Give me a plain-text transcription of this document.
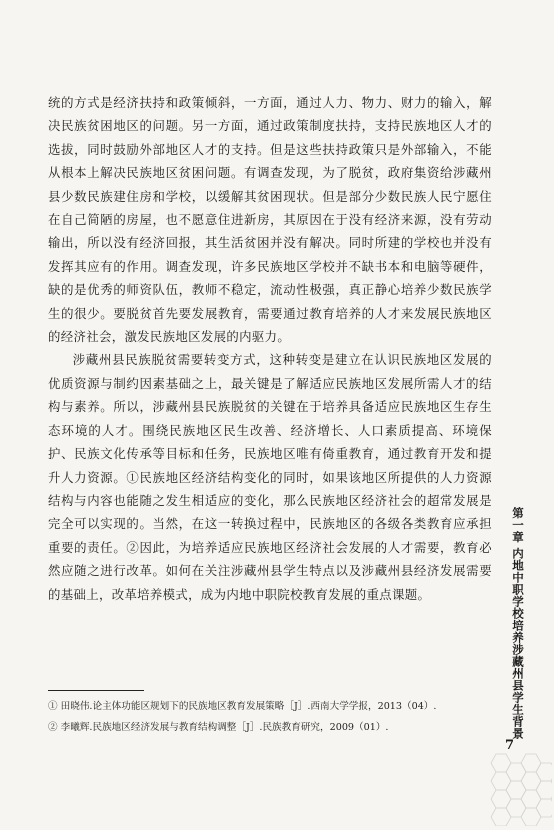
统的方式是经济扶持和政策倾斜，一方面，通过人力、物力、财力的输入，解决民族贫困地区的问题。另一方面，通过政策制度扶持，支持民族地区人才的选拔，同时鼓励外部地区人才的支持。但是这些扶持政策只是外部输入，不能从根本上解决民族地区贫困问题。有调查发现，为了脱贫，政府集资给涉藏州县少数民族建住房和学校，以缓解其贫困现状。但是部分少数民族人民宁愿住在自己简陋的房屋，也不愿意住进新房，其原因在于没有经济来源，没有劳动输出，所以没有经济回报，其生活贫困并没有解决。同时所建的学校也并没有发挥其应有的作用。调查发现，许多民族地区学校并不缺书本和电脑等硬件，缺的是优秀的师资队伍，教师不稳定，流动性极强，真正静心培养少数民族学生的很少。要脱贫首先要发展教育，需要通过教育培养的人才来发展民族地区的经济社会，激发民族地区发展的内驱力。

涉藏州县民族脱贫需要转变方式，这种转变是建立在认识民族地区发展的优质资源与制约因素基础之上，最关键是了解适应民族地区发展所需人才的结构与素养。所以，涉藏州县民族脱贫的关键在于培养具备适应民族地区生存生态环境的人才。围绕民族地区民生改善、经济增长、人口素质提高、环境保护、民族文化传承等目标和任务，民族地区唯有倚重教育，通过教育开发和提升人力资源。①民族地区经济结构变化的同时，如果该地区所提供的人力资源结构与内容也能随之发生相适应的变化，那么民族地区经济社会的超常发展是完全可以实现的。当然，在这一转换过程中，民族地区的各级各类教育应承担重要的责任。②因此，为培养适应民族地区经济社会发展的人才需要，教育必然应随之进行改革。如何在关注涉藏州县学生特点以及涉藏州县经济发展需要的基础上，改革培养模式，成为内地中职院校教育发展的重点课题。

① 田晓伟.论主体功能区规划下的民族地区教育发展策略［J］.西南大学学报，2013（04）.

② 李曦辉.民族地区经济发展与教育结构调整［J］.民族教育研究，2009（01）.	第一章 内地中职学校培养涉藏州县学生背景
7
